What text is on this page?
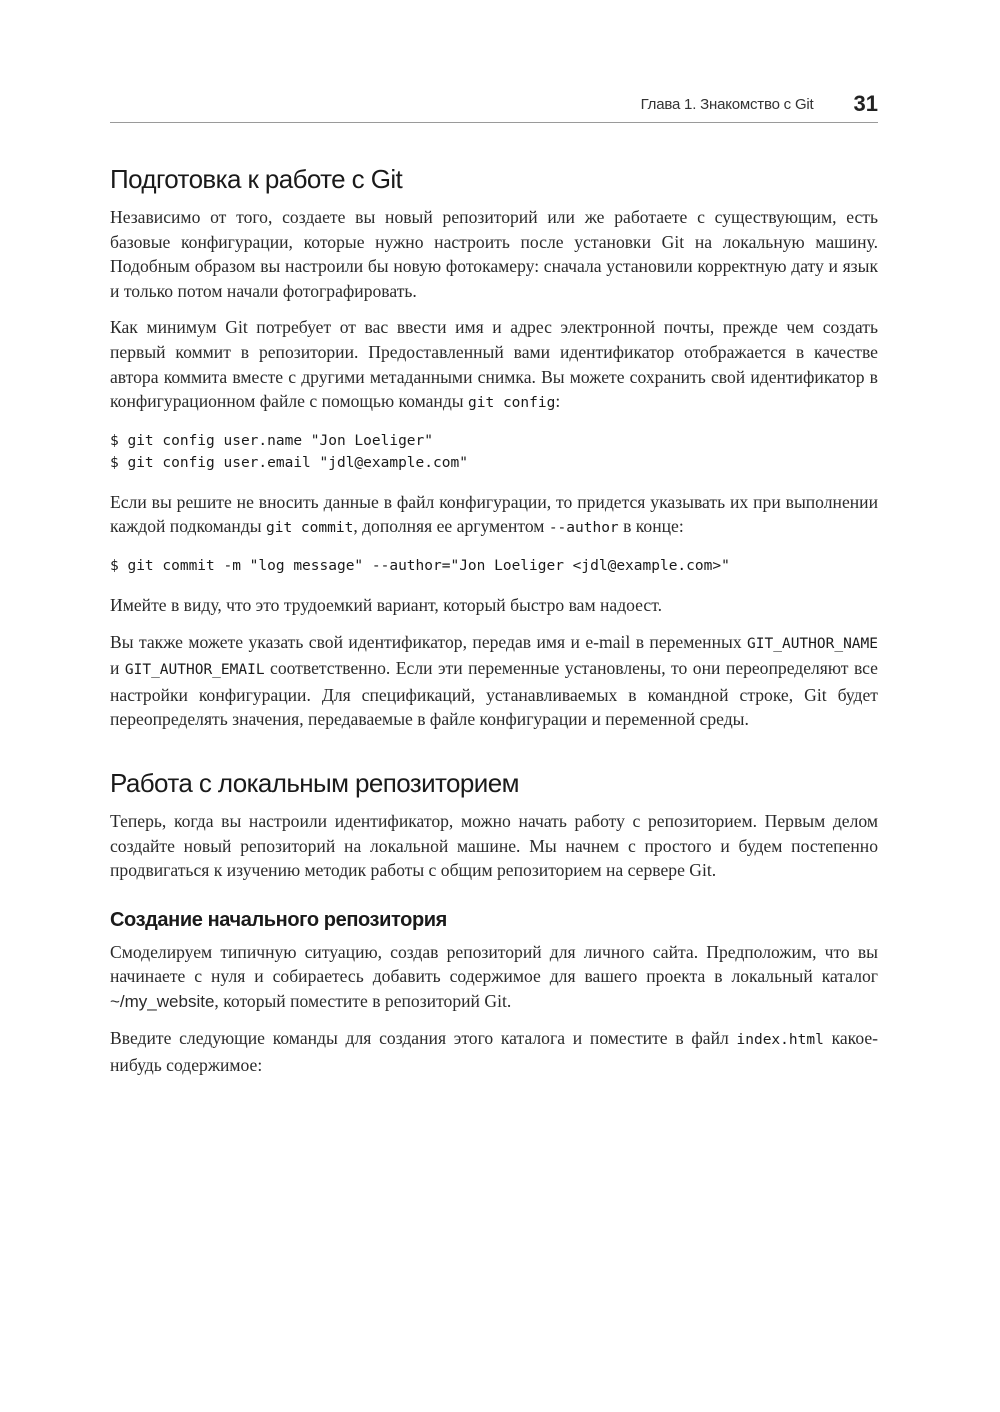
Глава 1. Знакомство с Git 31
Подготовка к работе с Git

Независимо от того, создаете вы новый репозиторий или же работаете с существующим, есть базовые конфигурации, которые нужно настроить после установки Git на локальную машину. Подобным образом вы настроили бы новую фотокамеру: сначала установили корректную дату и язык и только потом начали фотографировать.

Как минимум Git потребует от вас ввести имя и адрес электронной почты, прежде чем создать первый коммит в репозитории. Предоставленный вами идентификатор отображается в качестве автора коммита вместе с другими метаданными снимка. Вы можете сохранить свой идентификатор в конфигурационном файле с помощью команды git config:

$ git config user.name "Jon Loeliger"
$ git config user.email "jdl@example.com"

Если вы решите не вносить данные в файл конфигурации, то придется указывать их при выполнении каждой подкоманды git commit, дополняя ее аргументом --author в конце:

$ git commit -m "log message" --author="Jon Loeliger <jdl@example.com>"

Имейте в виду, что это трудоемкий вариант, который быстро вам надоест.

Вы также можете указать свой идентификатор, передав имя и e-mail в переменных GIT_AUTHOR_NAME и GIT_AUTHOR_EMAIL соответственно. Если эти переменные установлены, то они переопределяют все настройки конфигурации. Для спецификаций, устанавливаемых в командной строке, Git будет переопределять значения, передаваемые в файле конфигурации и переменной среды.

Работа с локальным репозиторием

Теперь, когда вы настроили идентификатор, можно начать работу с репозиторием. Первым делом создайте новый репозиторий на локальной машине. Мы начнем с простого и будем постепенно продвигаться к изучению методик работы с общим репозиторием на сервере Git.

Создание начального репозитория

Смоделируем типичную ситуацию, создав репозиторий для личного сайта. Предположим, что вы начинаете с нуля и собираетесь добавить содержимое для вашего проекта в локальный каталог ~/my_website, который поместите в репозиторий Git.

Введите следующие команды для создания этого каталога и поместите в файл index.html какое-нибудь содержимое:
